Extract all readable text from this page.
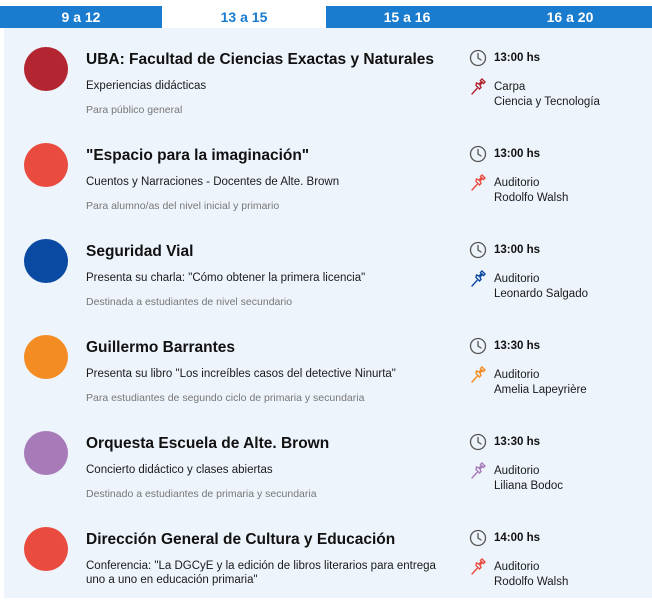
9 a 12	13 a 15	15 a 16	16 a 20
UBA: Facultad de Ciencias Exactas y Naturales
Experiencias didácticas
Para público general
13:00 hs
Carpa
Ciencia y Tecnología
"Espacio para la imaginación"
Cuentos y Narraciones - Docentes de Alte. Brown
Para alumno/as del nivel inicial y primario
13:00 hs
Auditorio
Rodolfo Walsh
Seguridad Vial
Presenta su charla: "Cómo obtener la primera licencia"
Destinada a estudiantes de nivel secundario
13:00 hs
Auditorio
Leonardo Salgado
Guillermo Barrantes
Presenta su libro "Los increíbles casos del detective Ninurta"
Para estudiantes de segundo ciclo de primaria y secundaria
13:30 hs
Auditorio
Amelia Lapeyrière
Orquesta Escuela de Alte. Brown
Concierto didáctico y clases abiertas
Destinado a estudiantes de primaria y secundaria
13:30 hs
Auditorio
Liliana Bodoc
Dirección General de Cultura y Educación
Conferencia: "La DGCyE y la edición de libros literarios para entrega uno a uno en educación primaria"
14:00 hs
Auditorio
Rodolfo Walsh
